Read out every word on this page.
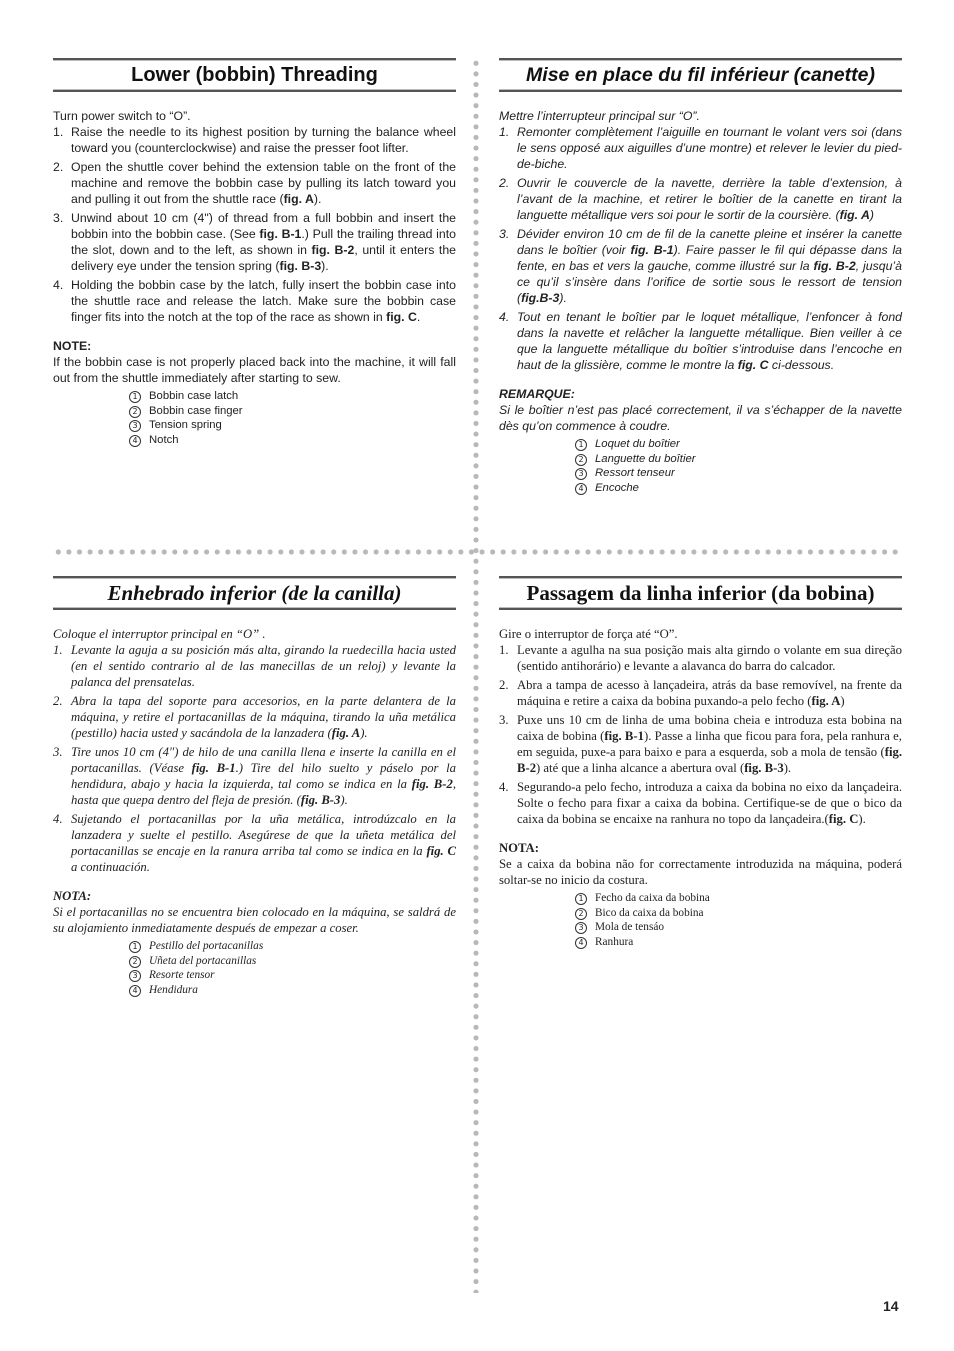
Lower (bobbin) Threading
Turn power switch to “O”.
1. Raise the needle to its highest position by turning the balance wheel toward you (counterclockwise) and raise the presser foot lifter.
2. Open the shuttle cover behind the extension table on the front of the machine and remove the bobbin case by pulling its latch toward you and pulling it out from the shuttle race (fig. A).
3. Unwind about 10 cm (4") of thread from a full bobbin and insert the bobbin into the bobbin case. (See fig. B-1.) Pull the trailing thread into the slot, down and to the left, as shown in fig. B-2, until it enters the delivery eye under the tension spring (fig. B-3).
4. Holding the bobbin case by the latch, fully insert the bobbin case into the shuttle race and release the latch. Make sure the bobbin case finger fits into the notch at the top of the race as shown in fig. C.
NOTE:
If the bobbin case is not properly placed back into the machine, it will fall out from the shuttle immediately after starting to sew.
1 Bobbin case latch
2 Bobbin case finger
3 Tension spring
4 Notch
Mise en place du fil inférieur (canette)
Mettre l’interrupteur principal sur “O”.
1. Remonter complètement l’aiguille en tournant le volant vers soi (dans le sens opposé aux aiguilles d’une montre) et relever le levier du pied-de-biche.
2. Ouvrir le couvercle de la navette, derrière la table d’extension, à l’avant de la machine, et retirer le boîtier de la canette en tirant la languette métallique vers soi pour le sortir de la coursière. (fig. A)
3. Dévider environ 10 cm de fil de la canette pleine et insérer la canette dans le boîtier (voir fig. B-1). Faire passer le fil qui dépasse dans la fente, en bas et vers la gauche, comme illustré sur la fig. B-2, jusqu’à ce qu’il s’insère dans l’orifice de sortie sous le ressort de tension (fig.B-3).
4. Tout en tenant le boîtier par le loquet métallique, l’enfoncer à fond dans la navette et relâcher la languette métallique. Bien veiller à ce que la languette métallique du boîtier s’introduise dans l’encoche en haut de la glissière, comme le montre la fig. C ci-dessous.
REMARQUE:
Si le boîtier n’est pas placé correctement, il va s’échapper de la navette dès qu’on commence à coudre.
1 Loquet du boîtier
2 Languette du boîtier
3 Ressort tenseur
4 Encoche
Enhebrado inferior (de la canilla)
Coloque el interruptor principal en “O” .
1. Levante la aguja a su posición más alta, girando la ruedecilla hacia usted (en el sentido contrario al de las manecillas de un reloj) y levante la palanca del prensatelas.
2. Abra la tapa del soporte para accesorios, en la parte delantera de la máquina, y retire el portacanillas de la máquina, tirando la uña metálica (pestillo) hacia usted y sacándola de la lanzadera (fig. A).
3. Tire unos 10 cm (4") de hilo de una canilla llena e inserte la canilla en el portacanillas. (Véase fig. B-1.) Tire del hilo suelto y páselo por la hendidura, abajo y hacia la izquierda, tal como se indica en la fig. B-2, hasta que quepa dentro del fleja de presión. (fig. B-3).
4. Sujetando el portacanillas por la uña metálica, introdúzcalo en la lanzadera y suelte el pestillo. Asegúrese de que la uñeta metálica del portacanillas se encaje en la ranura arriba tal como se indica en la fig. C a continuación.
NOTA:
Si el portacanillas no se encuentra bien colocado en la máquina, se saldrá de su alojamiento inmediatamente después de empezar a coser.
1 Pestillo del portacanillas
2 Uñeta del portacanillas
3 Resorte tensor
4 Hendidura
Passagem da linha inferior (da bobina)
Gire o interruptor de força até “O”.
1. Levante a agulha na sua posição mais alta girndo o volante em sua direção (sentido antihorário) e levante a alavanca do barra do calcador.
2. Abra a tampa de acesso à lançadeira, atrás da base removível, na frente da máquina e retire a caixa da bobina puxando-a pelo fecho (fig. A)
3. Puxe uns 10 cm de linha de uma bobina cheia e introduza esta bobina na caixa de bobina (fig. B-1). Passe a linha que ficou para fora, pela ranhura e, em seguida, puxe-a para baixo e para a esquerda, sob a mola de tensão (fig. B-2) até que a linha alcance a abertura oval (fig. B-3).
4. Segurando-a pelo fecho, introduza a caixa da bobina no eixo da lançadeira. Solte o fecho para fixar a caixa da bobina. Certifique-se de que o bico da caixa da bobina se encaixe na ranhura no topo da lançadeira.(fig. C).
NOTA:
Se a caixa da bobina não for correctamente introduzida na máquina, poderá soltar-se no inicio da costura.
1 Fecho da caixa da bobina
2 Bico da caixa da bobina
3 Mola de tensáo
4 Ranhura
14
